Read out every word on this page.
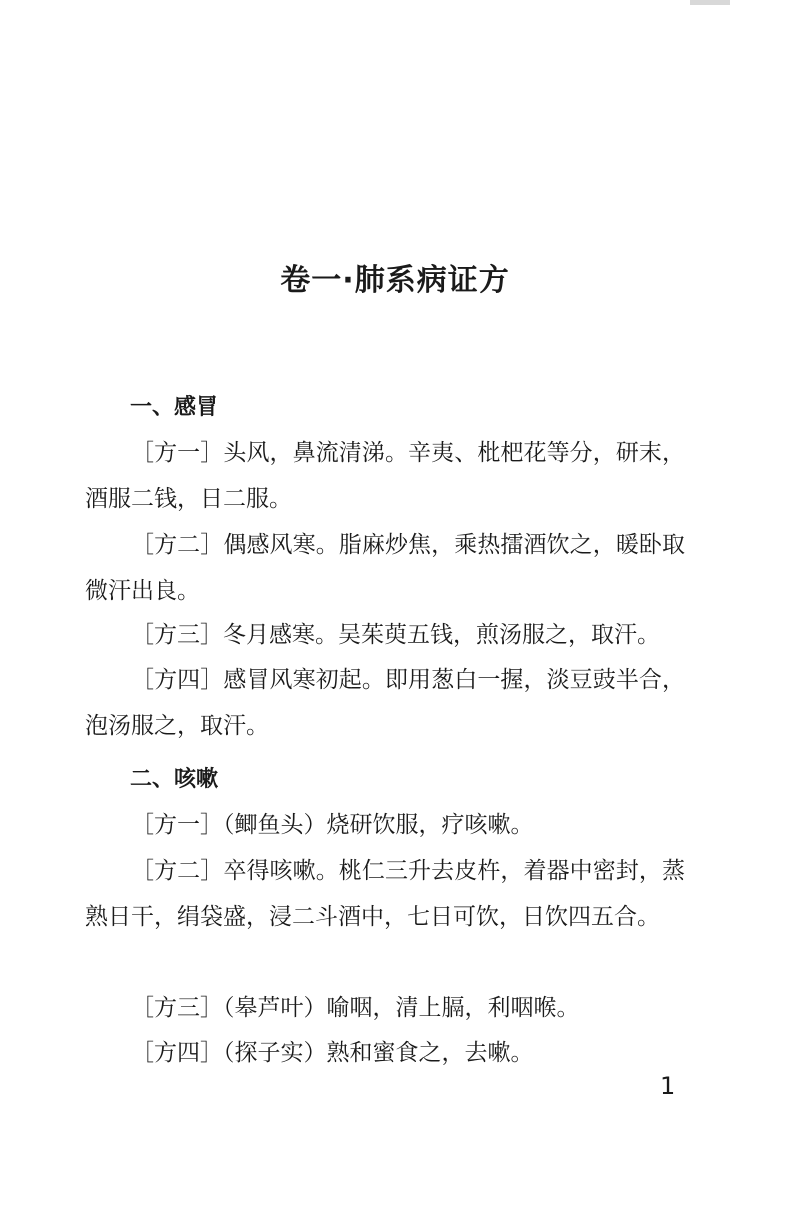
卷一·肺系病证方
一、感冒
［方一］头风，鼻流清涕。辛夷、枇杷花等分，研末，酒服二钱，日二服。
［方二］偶感风寒。脂麻炒焦，乘热擂酒饮之，暖卧取微汗出良。
［方三］冬月感寒。吴茱萸五钱，煎汤服之，取汗。
［方四］感冒风寒初起。即用葱白一握，淡豆豉半合，泡汤服之，取汗。
二、咳嗽
［方一］（鲫鱼头）烧研饮服，疗咳嗽。
［方二］卒得咳嗽。桃仁三升去皮杵，着器中密封，蒸熟日干，绢袋盛，浸二斗酒中，七日可饮，日饮四五合。
［方三］（皋芦叶）喻咽，清上膈，利咽喉。
［方四］（探子实）熟和蜜食之，去嗽。
1
